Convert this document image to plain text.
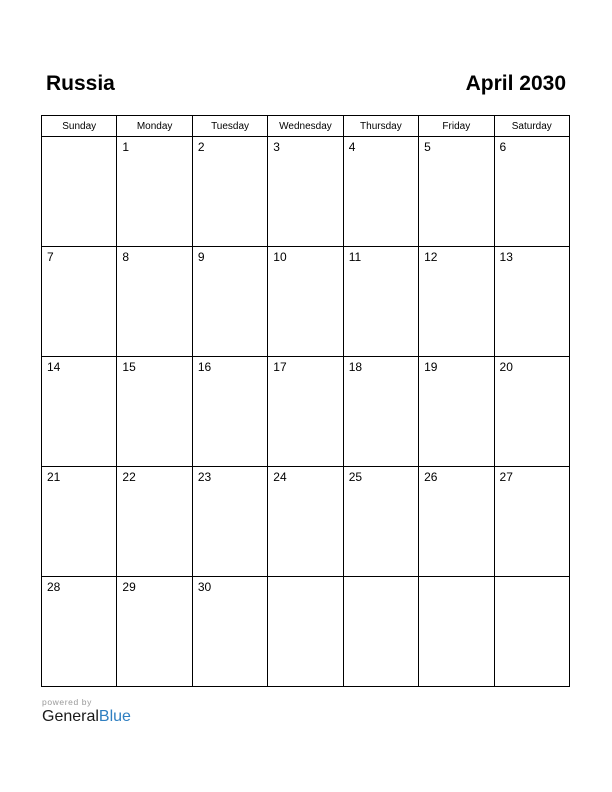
Russia	April 2030
Sunday	Monday	Tuesday	Wednesday	Thursday	Friday	Saturday

	1	2	3	4	5	6

7	8	9	10	11	12	13

14	15	16	17	18	19	20

21	22	23	24	25	26	27

28	29	30				

powered by
GeneralBlue
